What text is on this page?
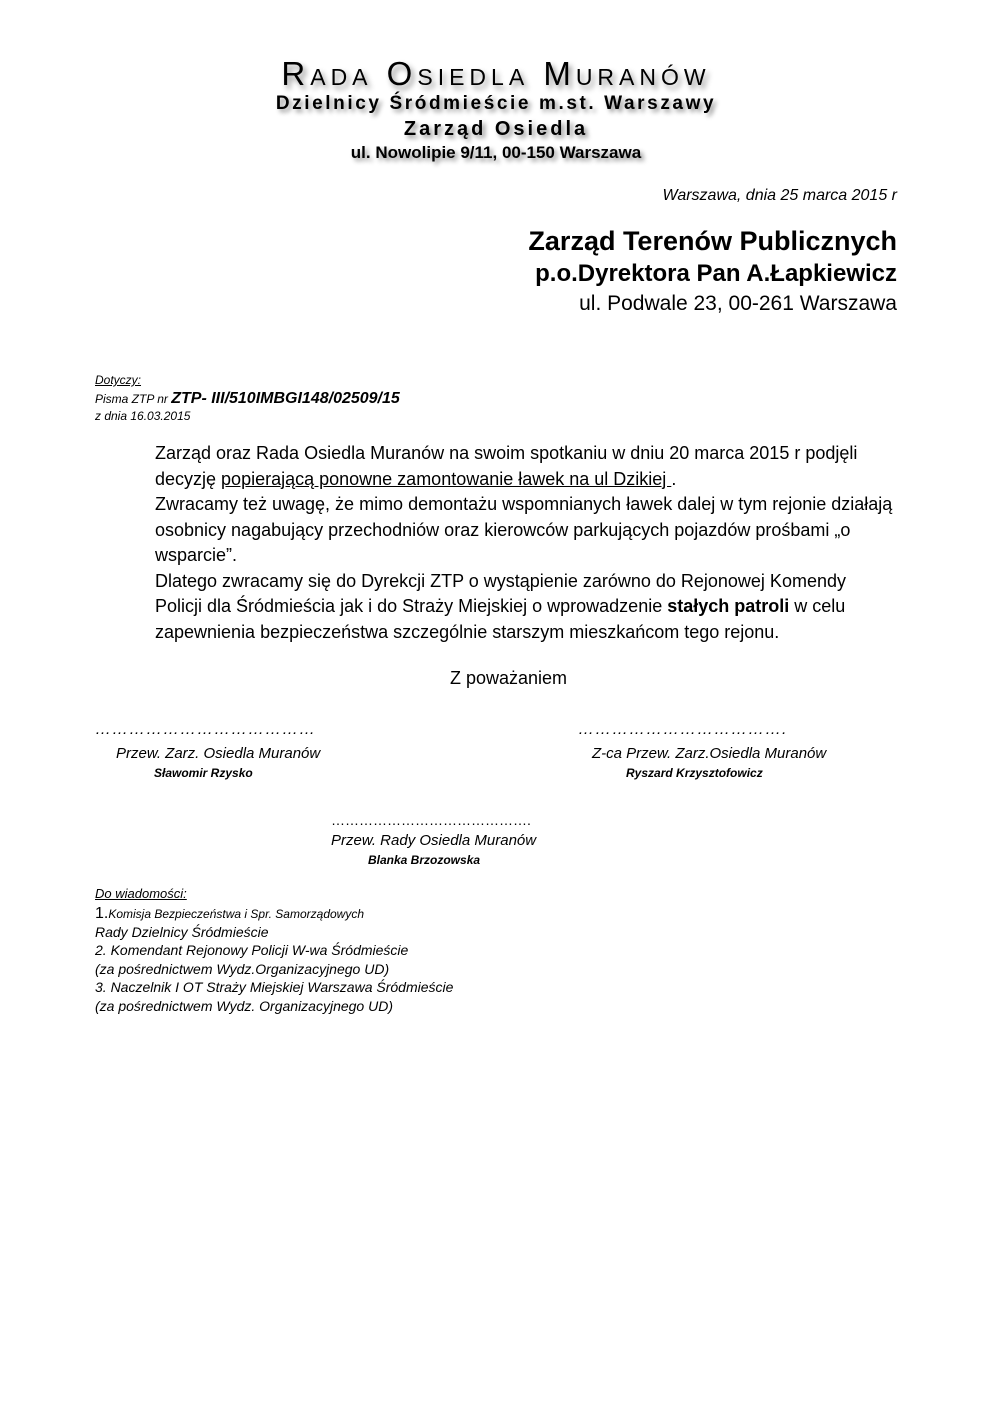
Rada Osiedla Muranów
Dzielnicy Śródmieście m.st. Warszawy
Zarząd Osiedla
ul. Nowolipie 9/11, 00-150 Warszawa
Warszawa, dnia 25 marca 2015 r
Zarząd Terenów Publicznych
p.o.Dyrektora Pan A.Łapkiewicz
ul. Podwale 23, 00-261 Warszawa
Dotyczy:
Pisma ZTP nr ZTP- III/510IMBGI148/02509/15
z dnia 16.03.2015

Zarząd oraz Rada Osiedla Muranów na swoim spotkaniu w dniu 20 marca 2015 r podjęli decyzję popierającą ponowne zamontowanie ławek na ul Dzikiej .

Zwracamy też uwagę, że mimo demontażu wspomnianych ławek dalej w tym rejonie działają osobnicy nagabujący przechodniów oraz kierowców parkujących pojazdów prośbami „o wsparcie”.

Dlatego zwracamy się do Dyrekcji ZTP o wystąpienie zarówno do Rejonowej Komendy Policji dla Śródmieścia jak i do Straży Miejskiej o wprowadzenie stałych patroli w celu zapewnienia bezpieczeństwa szczególnie starszym mieszkańcom tego rejonu.

Z poważaniem
…………………………………
Przew. Zarz. Osiedla Muranów
Sławomir Rzysko
……………………………….
Z-ca Przew. Zarz.Osiedla Muranów
Ryszard Krzysztofowicz
…………………………………….
Przew. Rady Osiedla Muranów
Blanka Brzozowska
Do wiadomości:
1.Komisja Bezpieczeństwa i Spr. Samorządowych
Rady Dzielnicy Śródmieście
2. Komendant Rejonowy Policji W-wa Śródmieście
(za pośrednictwem Wydz.Organizacyjnego UD)
3. Naczelnik I OT Straży Miejskiej Warszawa Śródmieście
(za pośrednictwem Wydz. Organizacyjnego UD)
